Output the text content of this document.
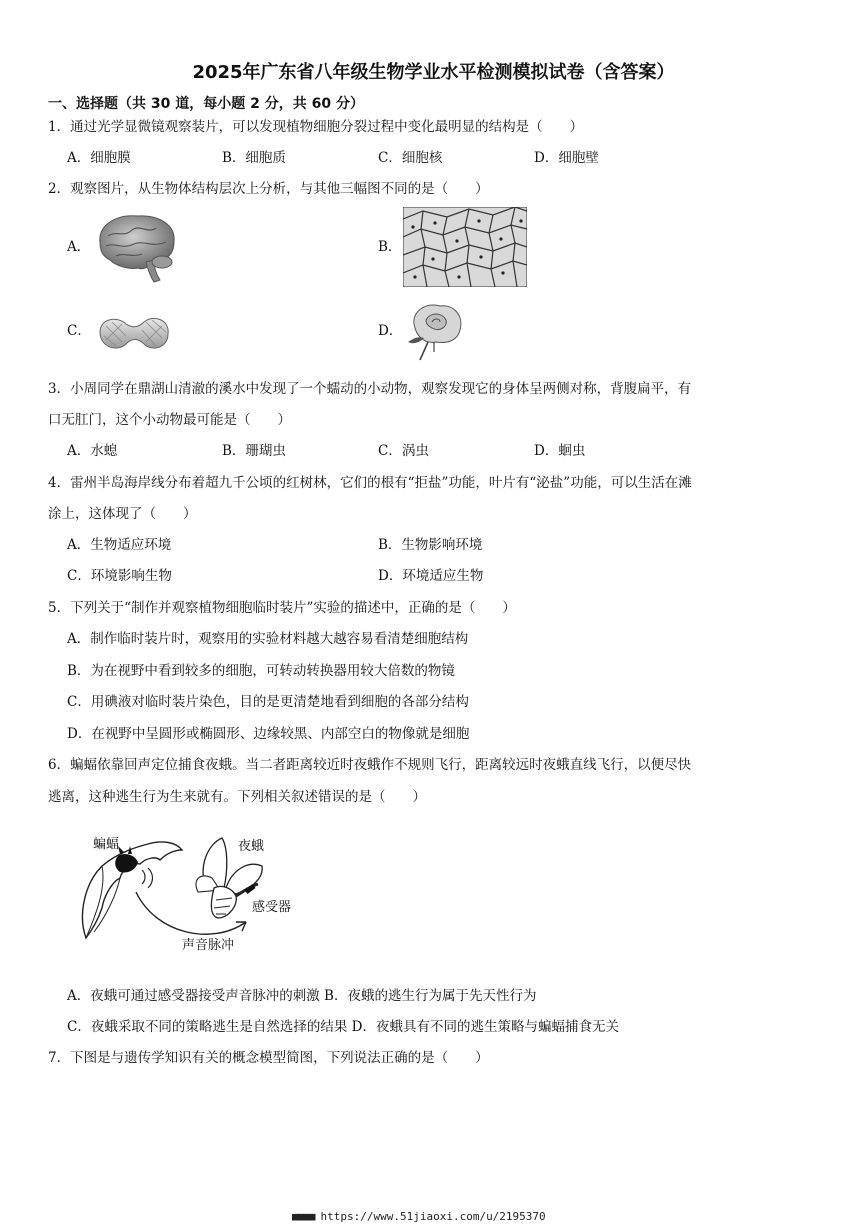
2025年广东省八年级生物学业水平检测模拟试卷（含答案）
一、选择题（共 30 道，每小题 2 分，共 60 分）
1．通过光学显微镜观察装片，可以发现植物细胞分裂过程中变化最明显的结构是（　　）
A．细胞膜	B．细胞质	C．细胞核	D．细胞壁
2．观察图片，从生物体结构层次上分析，与其他三幅图不同的是（　　）
A．	B．
C．	D．
3．小周同学在鼎湖山清澈的溪水中发现了一个蠕动的小动物，观察发现它的身体呈两侧对称，背腹扁平，有
口无肛门，这个小动物最可能是（　　）
A．水螅	B．珊瑚虫	C．涡虫	D．蛔虫
4．雷州半岛海岸线分布着超九千公顷的红树林，它们的根有“拒盐”功能，叶片有“泌盐”功能，可以生活在滩
涂上，这体现了（　　）
A．生物适应环境	B．生物影响环境
C．环境影响生物	D．环境适应生物
5．下列关于“制作并观察植物细胞临时装片”实验的描述中，正确的是（　　）
A．制作临时装片时，观察用的实验材料越大越容易看清楚细胞结构
B．为在视野中看到较多的细胞，可转动转换器用较大倍数的物镜
C．用碘液对临时装片染色，目的是更清楚地看到细胞的各部分结构
D．在视野中呈圆形或椭圆形、边缘较黑、内部空白的物像就是细胞
6．蝙蝠依靠回声定位捕食夜蛾。当二者距离较近时夜蛾作不规则飞行，距离较远时夜蛾直线飞行，以便尽快
逃离，这种逃生行为生来就有。下列相关叙述错误的是（　　）
蝙蝠	夜蛾
感受器
声音脉冲
A．夜蛾可通过感受器接受声音脉冲的刺激 B．夜蛾的逃生行为属于先天性行为
C．夜蛾采取不同的策略逃生是自然选择的结果 D．夜蛾具有不同的逃生策略与蝙蝠捕食无关
7．下图是与遗传学知识有关的概念模型简图，下列说法正确的是（　　）
■■■■ https://www.51jiaoxi.com/u/2195370
